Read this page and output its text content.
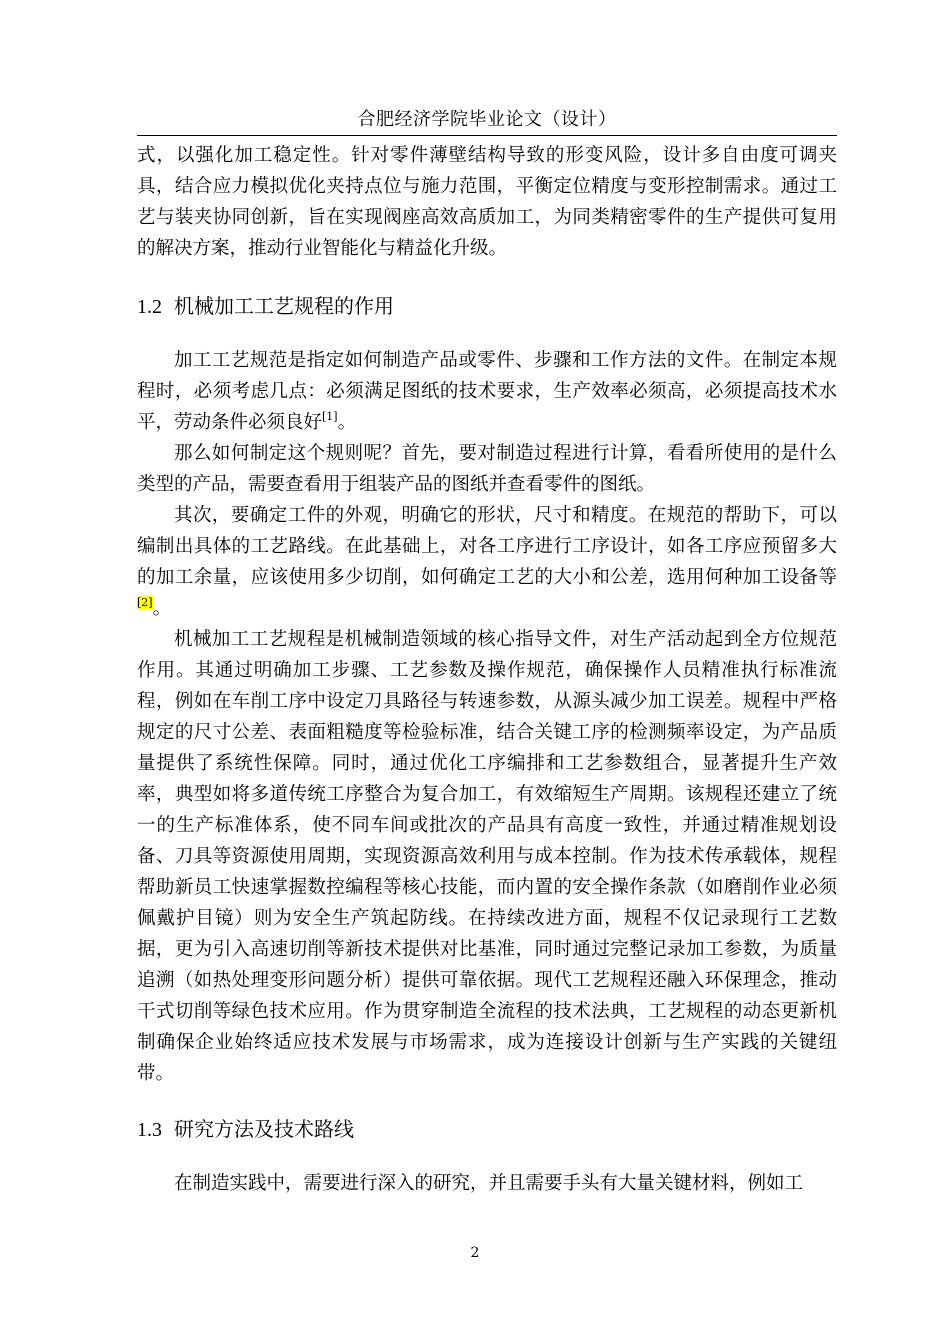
合肥经济学院毕业论文（设计）

式，以强化加工稳定性。针对零件薄壁结构导致的形变风险，设计多自由度可调夹具，结合应力模拟优化夹持点位与施力范围，平衡定位精度与变形控制需求。通过工艺与装夹协同创新，旨在实现阀座高效高质加工，为同类精密零件的生产提供可复用的解决方案，推动行业智能化与精益化升级。

1.2 机械加工工艺规程的作用

加工工艺规范是指定如何制造产品或零件、步骤和工作方法的文件。在制定本规程时，必须考虑几点：必须满足图纸的技术要求，生产效率必须高，必须提高技术水平，劳动条件必须良好[1]。

那么如何制定这个规则呢？首先，要对制造过程进行计算，看看所使用的是什么类型的产品，需要查看用于组装产品的图纸并查看零件的图纸。

其次，要确定工件的外观，明确它的形状，尺寸和精度。在规范的帮助下，可以编制出具体的工艺路线。在此基础上，对各工序进行工序设计，如各工序应预留多大的加工余量，应该使用多少切削，如何确定工艺的大小和公差，选用何种加工设备等[2]。

机械加工工艺规程是机械制造领域的核心指导文件，对生产活动起到全方位规范作用。其通过明确加工步骤、工艺参数及操作规范，确保操作人员精准执行标准流程，例如在车削工序中设定刀具路径与转速参数，从源头减少加工误差。规程中严格规定的尺寸公差、表面粗糙度等检验标准，结合关键工序的检测频率设定，为产品质量提供了系统性保障。同时，通过优化工序编排和工艺参数组合，显著提升生产效率，典型如将多道传统工序整合为复合加工，有效缩短生产周期。该规程还建立了统一的生产标准体系，使不同车间或批次的产品具有高度一致性，并通过精准规划设备、刀具等资源使用周期，实现资源高效利用与成本控制。作为技术传承载体，规程帮助新员工快速掌握数控编程等核心技能，而内置的安全操作条款（如磨削作业必须佩戴护目镜）则为安全生产筑起防线。在持续改进方面，规程不仅记录现行工艺数据，更为引入高速切削等新技术提供对比基准，同时通过完整记录加工参数，为质量追溯（如热处理变形问题分析）提供可靠依据。现代工艺规程还融入环保理念，推动干式切削等绿色技术应用。作为贯穿制造全流程的技术法典，工艺规程的动态更新机制确保企业始终适应技术发展与市场需求，成为连接设计创新与生产实践的关键纽带。

1.3 研究方法及技术路线

在制造实践中，需要进行深入的研究，并且需要手头有大量关键材料，例如工

2
